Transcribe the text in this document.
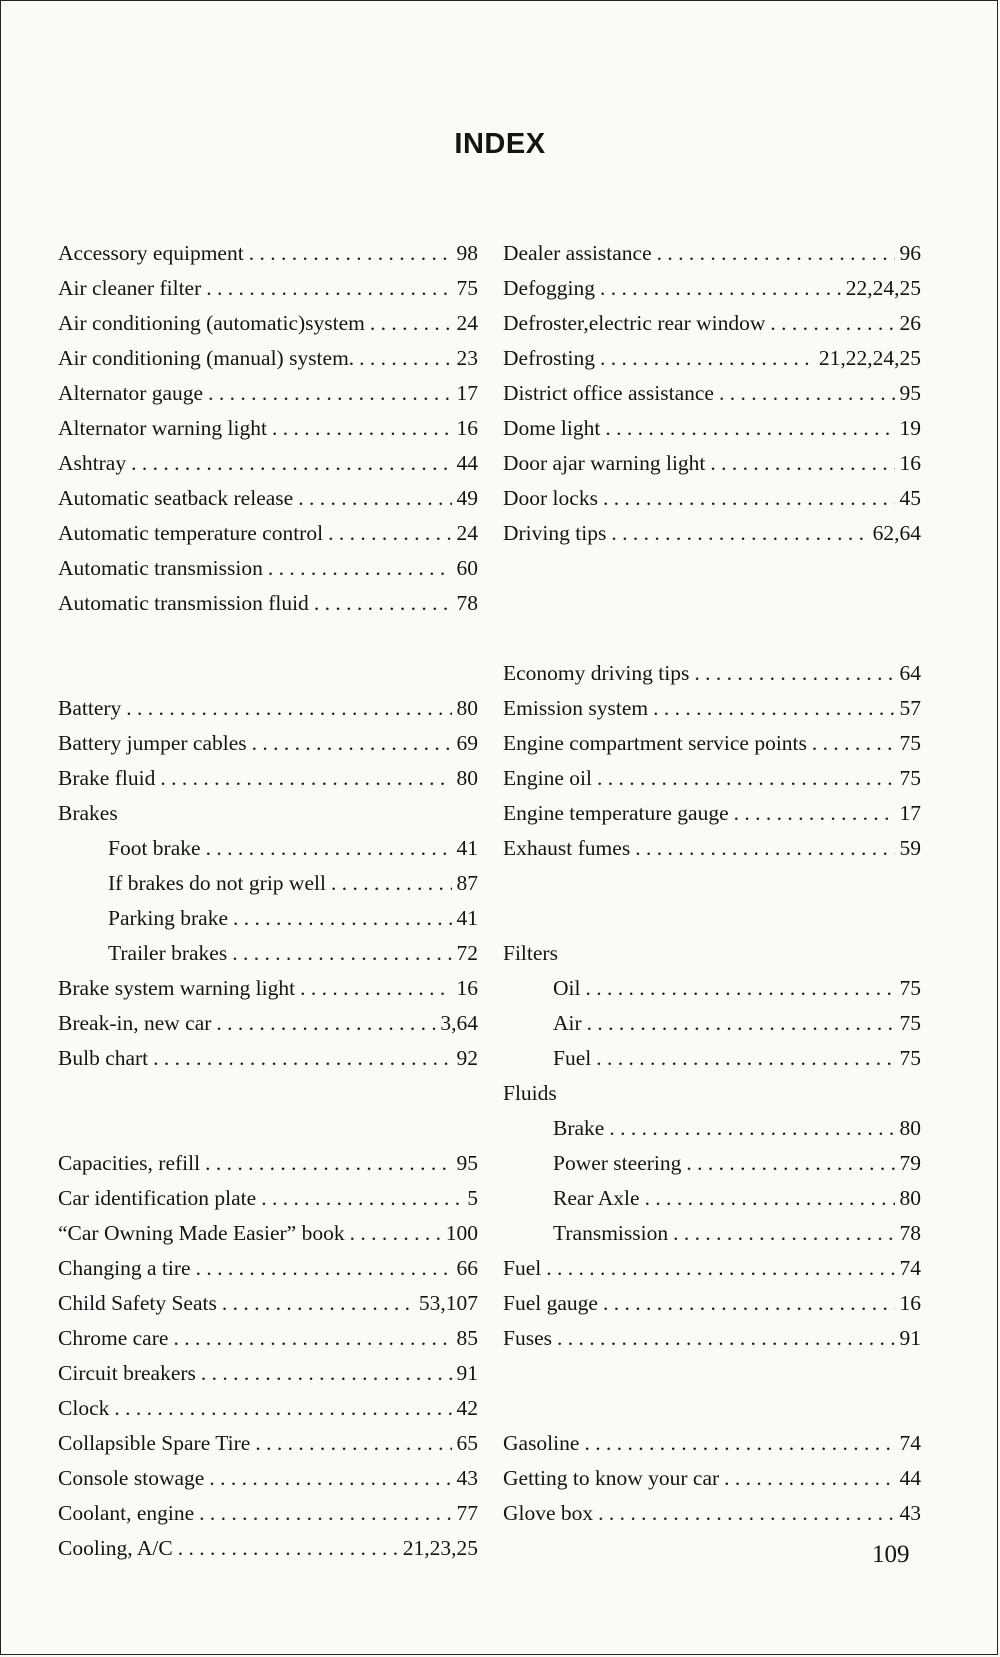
INDEX
Accessory equipment . . .	98
Air cleaner filter . . .	75
Air conditioning (automatic)system . . .	24
Air conditioning (manual) system. . . .	23
Alternator gauge . . .	17
Alternator warning light . . .	16
Ashtray . . .	44
Automatic seatback release . . .	49
Automatic temperature control . . .	24
Automatic transmission . . .	60
Automatic transmission fluid . . .	78
Battery . . .	80
Battery jumper cables . . .	69
Brake fluid . . .	80
Brakes
Foot brake . . .	41
If brakes do not grip well . . .	87
Parking brake . . .	41
Trailer brakes . . .	72
Brake system warning light . . .	16
Break-in, new car . . .	3,64
Bulb chart . . .	92
Capacities, refill . . .	95
Car identification plate . . .	5
“Car Owning Made Easier” book . . .	100
Changing a tire . . .	66
Child Safety Seats . . .	53,107
Chrome care . . .	85
Circuit breakers . . .	91
Clock . . .	42
Collapsible Spare Tire . . .	65
Console stowage . . .	43
Coolant, engine . . .	77
Cooling, A/C . . .	21,23,25
Dealer assistance . . .	96
Defogging . . .	22,24,25
Defroster,electric rear window . . .	26
Defrosting . . .	21,22,24,25
District office assistance . . .	95
Dome light . . .	19
Door ajar warning light . . .	16
Door locks . . .	45
Driving tips . . .	62,64
Economy driving tips . . .	64
Emission system . . .	57
Engine compartment service points . . .	75
Engine oil . . .	75
Engine temperature gauge . . .	17
Exhaust fumes . . .	59
Filters
Oil . . .	75
Air . . .	75
Fuel . . .	75
Fluids
Brake . . .	80
Power steering . . .	79
Rear Axle . . .	80
Transmission . . .	78
Fuel . . .	74
Fuel gauge . . .	16
Fuses . . .	91
Gasoline . . .	74
Getting to know your car . . .	44
Glove box . . .	43
109
